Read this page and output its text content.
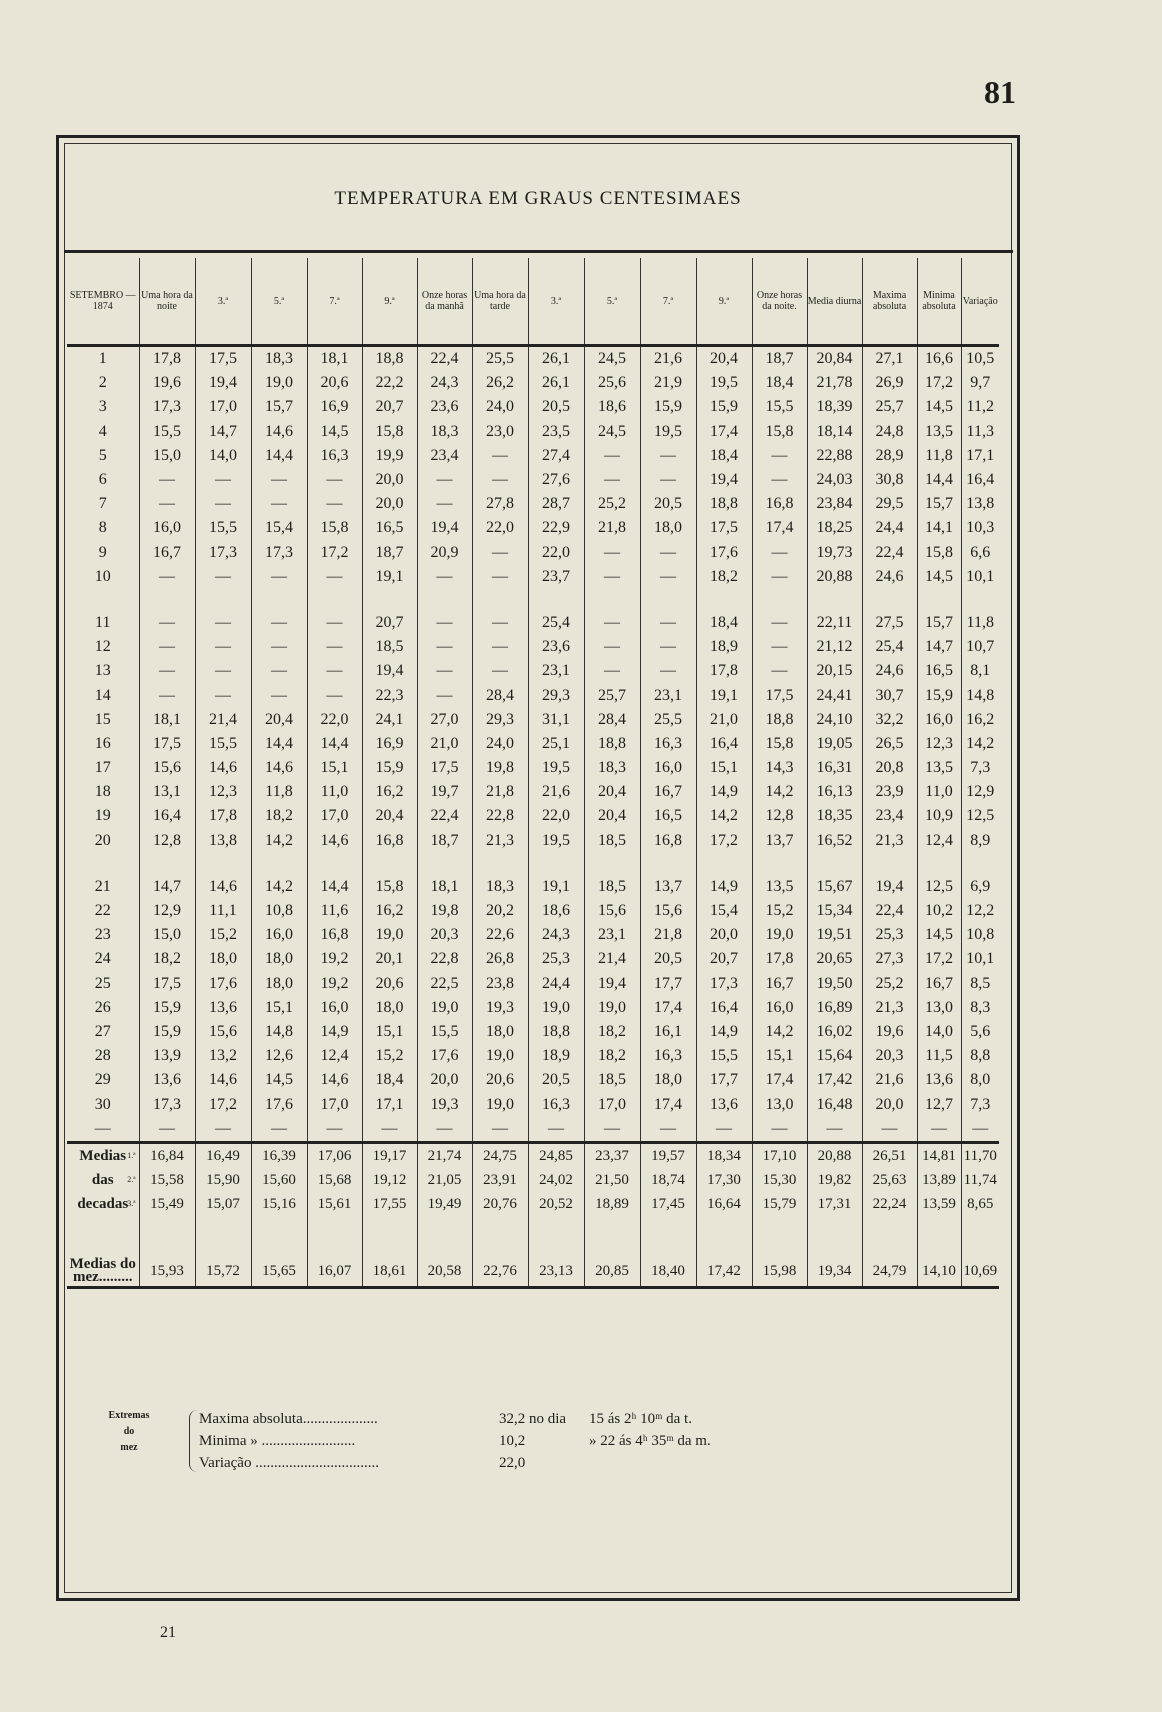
81
TEMPERATURA EM GRAUS CENTESIMAES
SETEMBRO — 1874	Uma hora da noite	3.ª	5.ª	7.ª	9.ª	Onze horas da manhã	Uma hora da tarde	3.ª	5.ª	7.ª	9.ª	Onze horas da noite.	Media diurna	Maxima absoluta	Minima absoluta	Variação
1	17,8	17,5	18,3	18,1	18,8	22,4	25,5	26,1	24,5	21,6	20,4	18,7	20,84	27,1	16,6	10,5
2	19,6	19,4	19,0	20,6	22,2	24,3	26,2	26,1	25,6	21,9	19,5	18,4	21,78	26,9	17,2	9,7
3	17,3	17,0	15,7	16,9	20,7	23,6	24,0	20,5	18,6	15,9	15,9	15,5	18,39	25,7	14,5	11,2
4	15,5	14,7	14,6	14,5	15,8	18,3	23,0	23,5	24,5	19,5	17,4	15,8	18,14	24,8	13,5	11,3
5	15,0	14,0	14,4	16,3	19,9	23,4	—	27,4	—	—	18,4	—	22,88	28,9	11,8	17,1
6	—	—	—	—	20,0	—	—	27,6	—	—	19,4	—	24,03	30,8	14,4	16,4
7	—	—	—	—	20,0	—	27,8	28,7	25,2	20,5	18,8	16,8	23,84	29,5	15,7	13,8
8	16,0	15,5	15,4	15,8	16,5	19,4	22,0	22,9	21,8	18,0	17,5	17,4	18,25	24,4	14,1	10,3
9	16,7	17,3	17,3	17,2	18,7	20,9	—	22,0	—	—	17,6	—	19,73	22,4	15,8	6,6
10	—	—	—	—	19,1	—	—	23,7	—	—	18,2	—	20,88	24,6	14,5	10,1

11	—	—	—	—	20,7	—	—	25,4	—	—	18,4	—	22,11	27,5	15,7	11,8
12	—	—	—	—	18,5	—	—	23,6	—	—	18,9	—	21,12	25,4	14,7	10,7
13	—	—	—	—	19,4	—	—	23,1	—	—	17,8	—	20,15	24,6	16,5	8,1
14	—	—	—	—	22,3	—	28,4	29,3	25,7	23,1	19,1	17,5	24,41	30,7	15,9	14,8
15	18,1	21,4	20,4	22,0	24,1	27,0	29,3	31,1	28,4	25,5	21,0	18,8	24,10	32,2	16,0	16,2
16	17,5	15,5	14,4	14,4	16,9	21,0	24,0	25,1	18,8	16,3	16,4	15,8	19,05	26,5	12,3	14,2
17	15,6	14,6	14,6	15,1	15,9	17,5	19,8	19,5	18,3	16,0	15,1	14,3	16,31	20,8	13,5	7,3
18	13,1	12,3	11,8	11,0	16,2	19,7	21,8	21,6	20,4	16,7	14,9	14,2	16,13	23,9	11,0	12,9
19	16,4	17,8	18,2	17,0	20,4	22,4	22,8	22,0	20,4	16,5	14,2	12,8	18,35	23,4	10,9	12,5
20	12,8	13,8	14,2	14,6	16,8	18,7	21,3	19,5	18,5	16,8	17,2	13,7	16,52	21,3	12,4	8,9

21	14,7	14,6	14,2	14,4	15,8	18,1	18,3	19,1	18,5	13,7	14,9	13,5	15,67	19,4	12,5	6,9
22	12,9	11,1	10,8	11,6	16,2	19,8	20,2	18,6	15,6	15,6	15,4	15,2	15,34	22,4	10,2	12,2
23	15,0	15,2	16,0	16,8	19,0	20,3	22,6	24,3	23,1	21,8	20,0	19,0	19,51	25,3	14,5	10,8
24	18,2	18,0	18,0	19,2	20,1	22,8	26,8	25,3	21,4	20,5	20,7	17,8	20,65	27,3	17,2	10,1
25	17,5	17,6	18,0	19,2	20,6	22,5	23,8	24,4	19,4	17,7	17,3	16,7	19,50	25,2	16,7	8,5
26	15,9	13,6	15,1	16,0	18,0	19,0	19,3	19,0	19,0	17,4	16,4	16,0	16,89	21,3	13,0	8,3
27	15,9	15,6	14,8	14,9	15,1	15,5	18,0	18,8	18,2	16,1	14,9	14,2	16,02	19,6	14,0	5,6
28	13,9	13,2	12,6	12,4	15,2	17,6	19,0	18,9	18,2	16,3	15,5	15,1	15,64	20,3	11,5	8,8
29	13,6	14,6	14,5	14,6	18,4	20,0	20,6	20,5	18,5	18,0	17,7	17,4	17,42	21,6	13,6	8,0
30	17,3	17,2	17,6	17,0	17,1	19,3	19,0	16,3	17,0	17,4	13,6	13,0	16,48	20,0	12,7	7,3
—	—	—	—	—	—	—	—	—	—	—	—	—	—	—	—	—
Medias 1.ª	16,84	16,49	16,39	17,06	19,17	21,74	24,75	24,85	23,37	19,57	18,34	17,10	20,88	26,51	14,81	11,70
das 2.ª	15,58	15,90	15,60	15,68	19,12	21,05	23,91	24,02	21,50	18,74	17,30	15,30	19,82	25,63	13,89	11,74
decadas 3.ª	15,49	15,07	15,16	15,61	17,55	19,49	20,76	20,52	18,89	17,45	16,64	15,79	17,31	22,24	13,59	8,65

Medias do
mez.........	15,93	15,72	15,65	16,07	18,61	20,58	22,76	23,13	20,85	18,40	17,42	15,98	19,34	24,79	14,10	10,69
Extremas
do
mez
Maxima absoluta....................	32,2 no dia 15 ás 2ʰ 10ᵐ da t.
Minima » .........................	10,2	» 22 ás 4ʰ 35ᵐ da m.
Variação .................................	22,0
21
